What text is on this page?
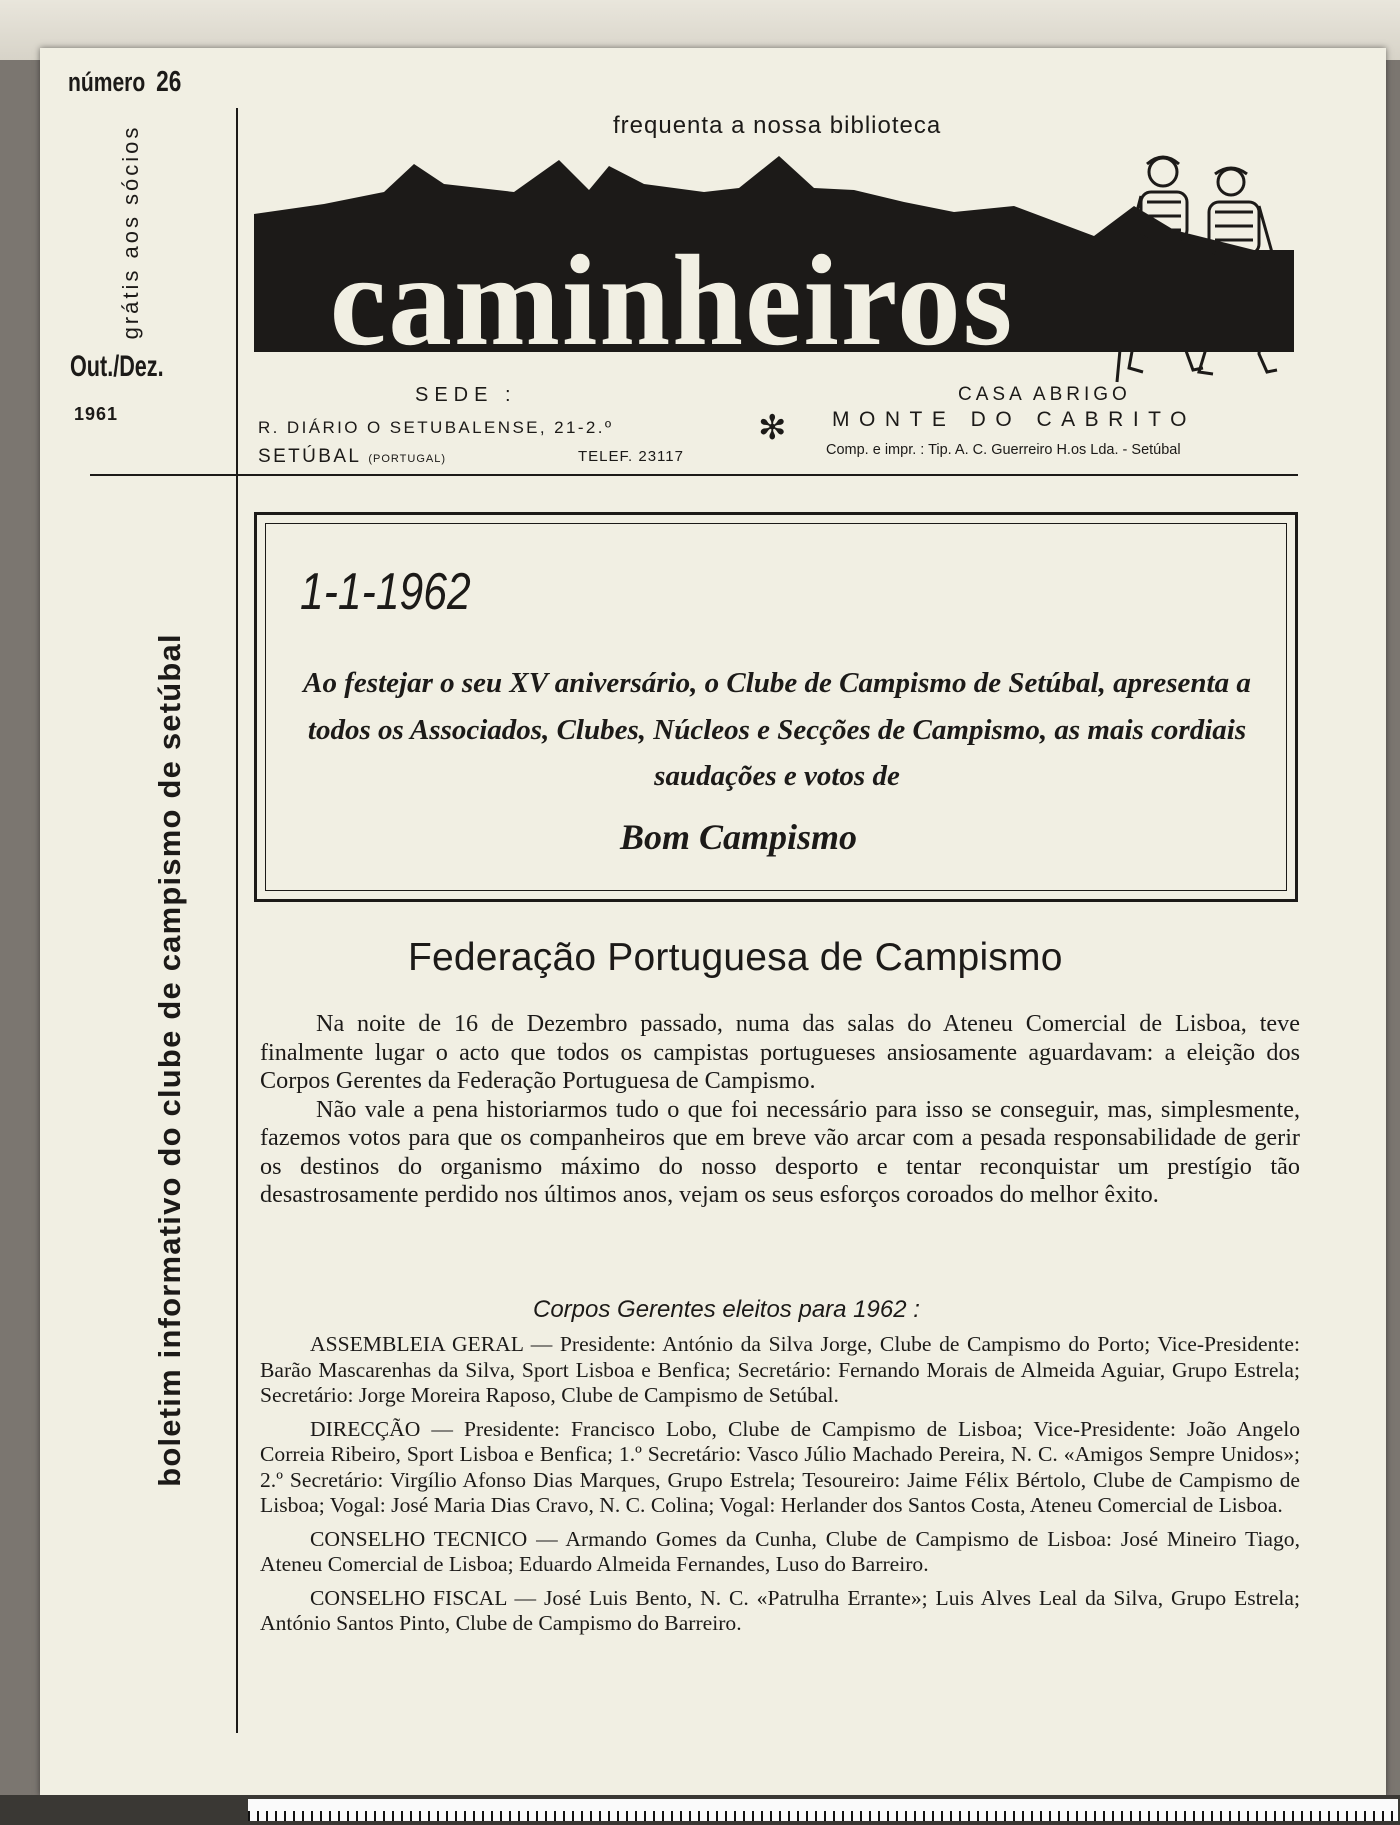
número 26
grátis aos sócios
Out./Dez.
1961
boletim informativo do clube de campismo de setúbal
frequenta a nossa biblioteca
caminheiros
SEDE :
R. DIÁRIO O SETUBALENSE, 21-2.º
SETÚBAL (PORTUGAL)	TELEF. 23117
✻
CASA ABRIGO
MONTE DO CABRITO
Comp. e impr. : Tip. A. C. Guerreiro H.os Lda. - Setúbal
1-1-1962
Ao festejar o seu XV aniversário, o Clube de Campismo de Setúbal, apresenta a todos os Associados, Clubes, Núcleos e Secções de Campismo, as mais cordiais saudações e votos de
Bom Campismo
Federação Portuguesa de Campismo

Na noite de 16 de Dezembro passado, numa das salas do Ateneu Comercial de Lisboa, teve finalmente lugar o acto que todos os campistas portugueses ansiosamente aguardavam: a eleição dos Corpos Gerentes da Federação Portuguesa de Campismo.

Não vale a pena historiarmos tudo o que foi necessário para isso se conseguir, mas, simplesmente, fazemos votos para que os companheiros que em breve vão arcar com a pesada responsabilidade de gerir os destinos do organismo máximo do nosso desporto e tentar reconquistar um prestígio tão desastrosamente perdido nos últimos anos, vejam os seus esforços coroados do melhor êxito.

Corpos Gerentes eleitos para 1962 :

ASSEMBLEIA GERAL — Presidente: António da Silva Jorge, Clube de Campismo do Porto; Vice-Presidente: Barão Mascarenhas da Silva, Sport Lisboa e Benfica; Secretário: Fernando Morais de Almeida Aguiar, Grupo Estrela; Secretário: Jorge Moreira Raposo, Clube de Campismo de Setúbal.

DIRECÇÃO — Presidente: Francisco Lobo, Clube de Campismo de Lisboa; Vice-Presidente: João Angelo Correia Ribeiro, Sport Lisboa e Benfica; 1.º Secretário: Vasco Júlio Machado Pereira, N. C. «Amigos Sempre Unidos»; 2.º Secretário: Virgílio Afonso Dias Marques, Grupo Estrela; Tesoureiro: Jaime Félix Bértolo, Clube de Campismo de Lisboa; Vogal: José Maria Dias Cravo, N. C. Colina; Vogal: Herlander dos Santos Costa, Ateneu Comercial de Lisboa.

CONSELHO TECNICO — Armando Gomes da Cunha, Clube de Campismo de Lisboa: José Mineiro Tiago, Ateneu Comercial de Lisboa; Eduardo Almeida Fernandes, Luso do Barreiro.

CONSELHO FISCAL — José Luis Bento, N. C. «Patrulha Errante»; Luis Alves Leal da Silva, Grupo Estrela; António Santos Pinto, Clube de Campismo do Barreiro.
